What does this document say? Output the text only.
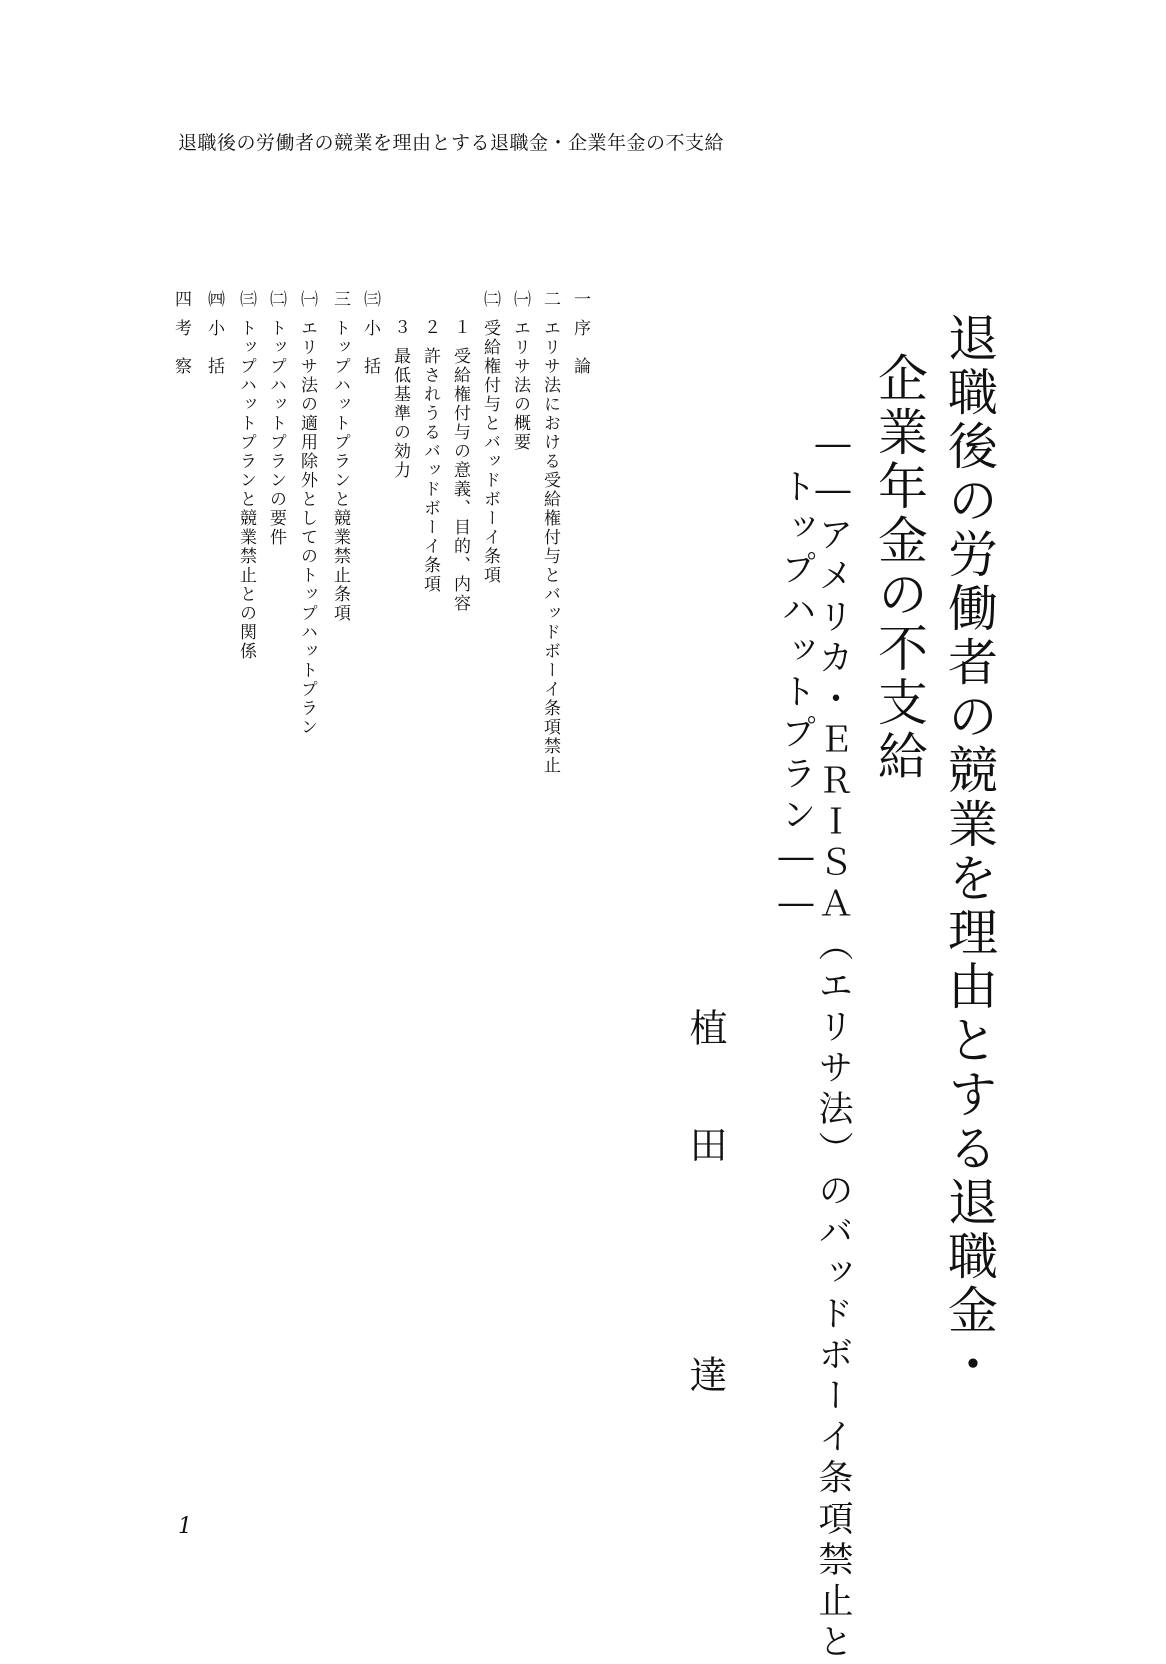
退職後の労働者の競業を理由とする退職金・企業年金の不支給
退職後の労働者の競業を理由とする退職金・
企業年金の不支給
――アメリカ・ＥＲＩＳＡ（エリサ法）のバッドボーイ条項禁止と
トップハットプラン――
植
田
達
一序　論
二エリサ法における受給権付与とバッドボーイ条項禁止
㈠エリサ法の概要
㈡受給権付与とバッドボーイ条項
１受給権付与の意義、目的、内容
２許されうるバッドボーイ条項
３最低基準の効力
㈢小　括
三トップハットプランと競業禁止条項
㈠エリサ法の適用除外としてのトップハットプラン
㈡トップハットプランの要件
㈢トップハットプランと競業禁止との関係
㈣小　括
四考　察
1
